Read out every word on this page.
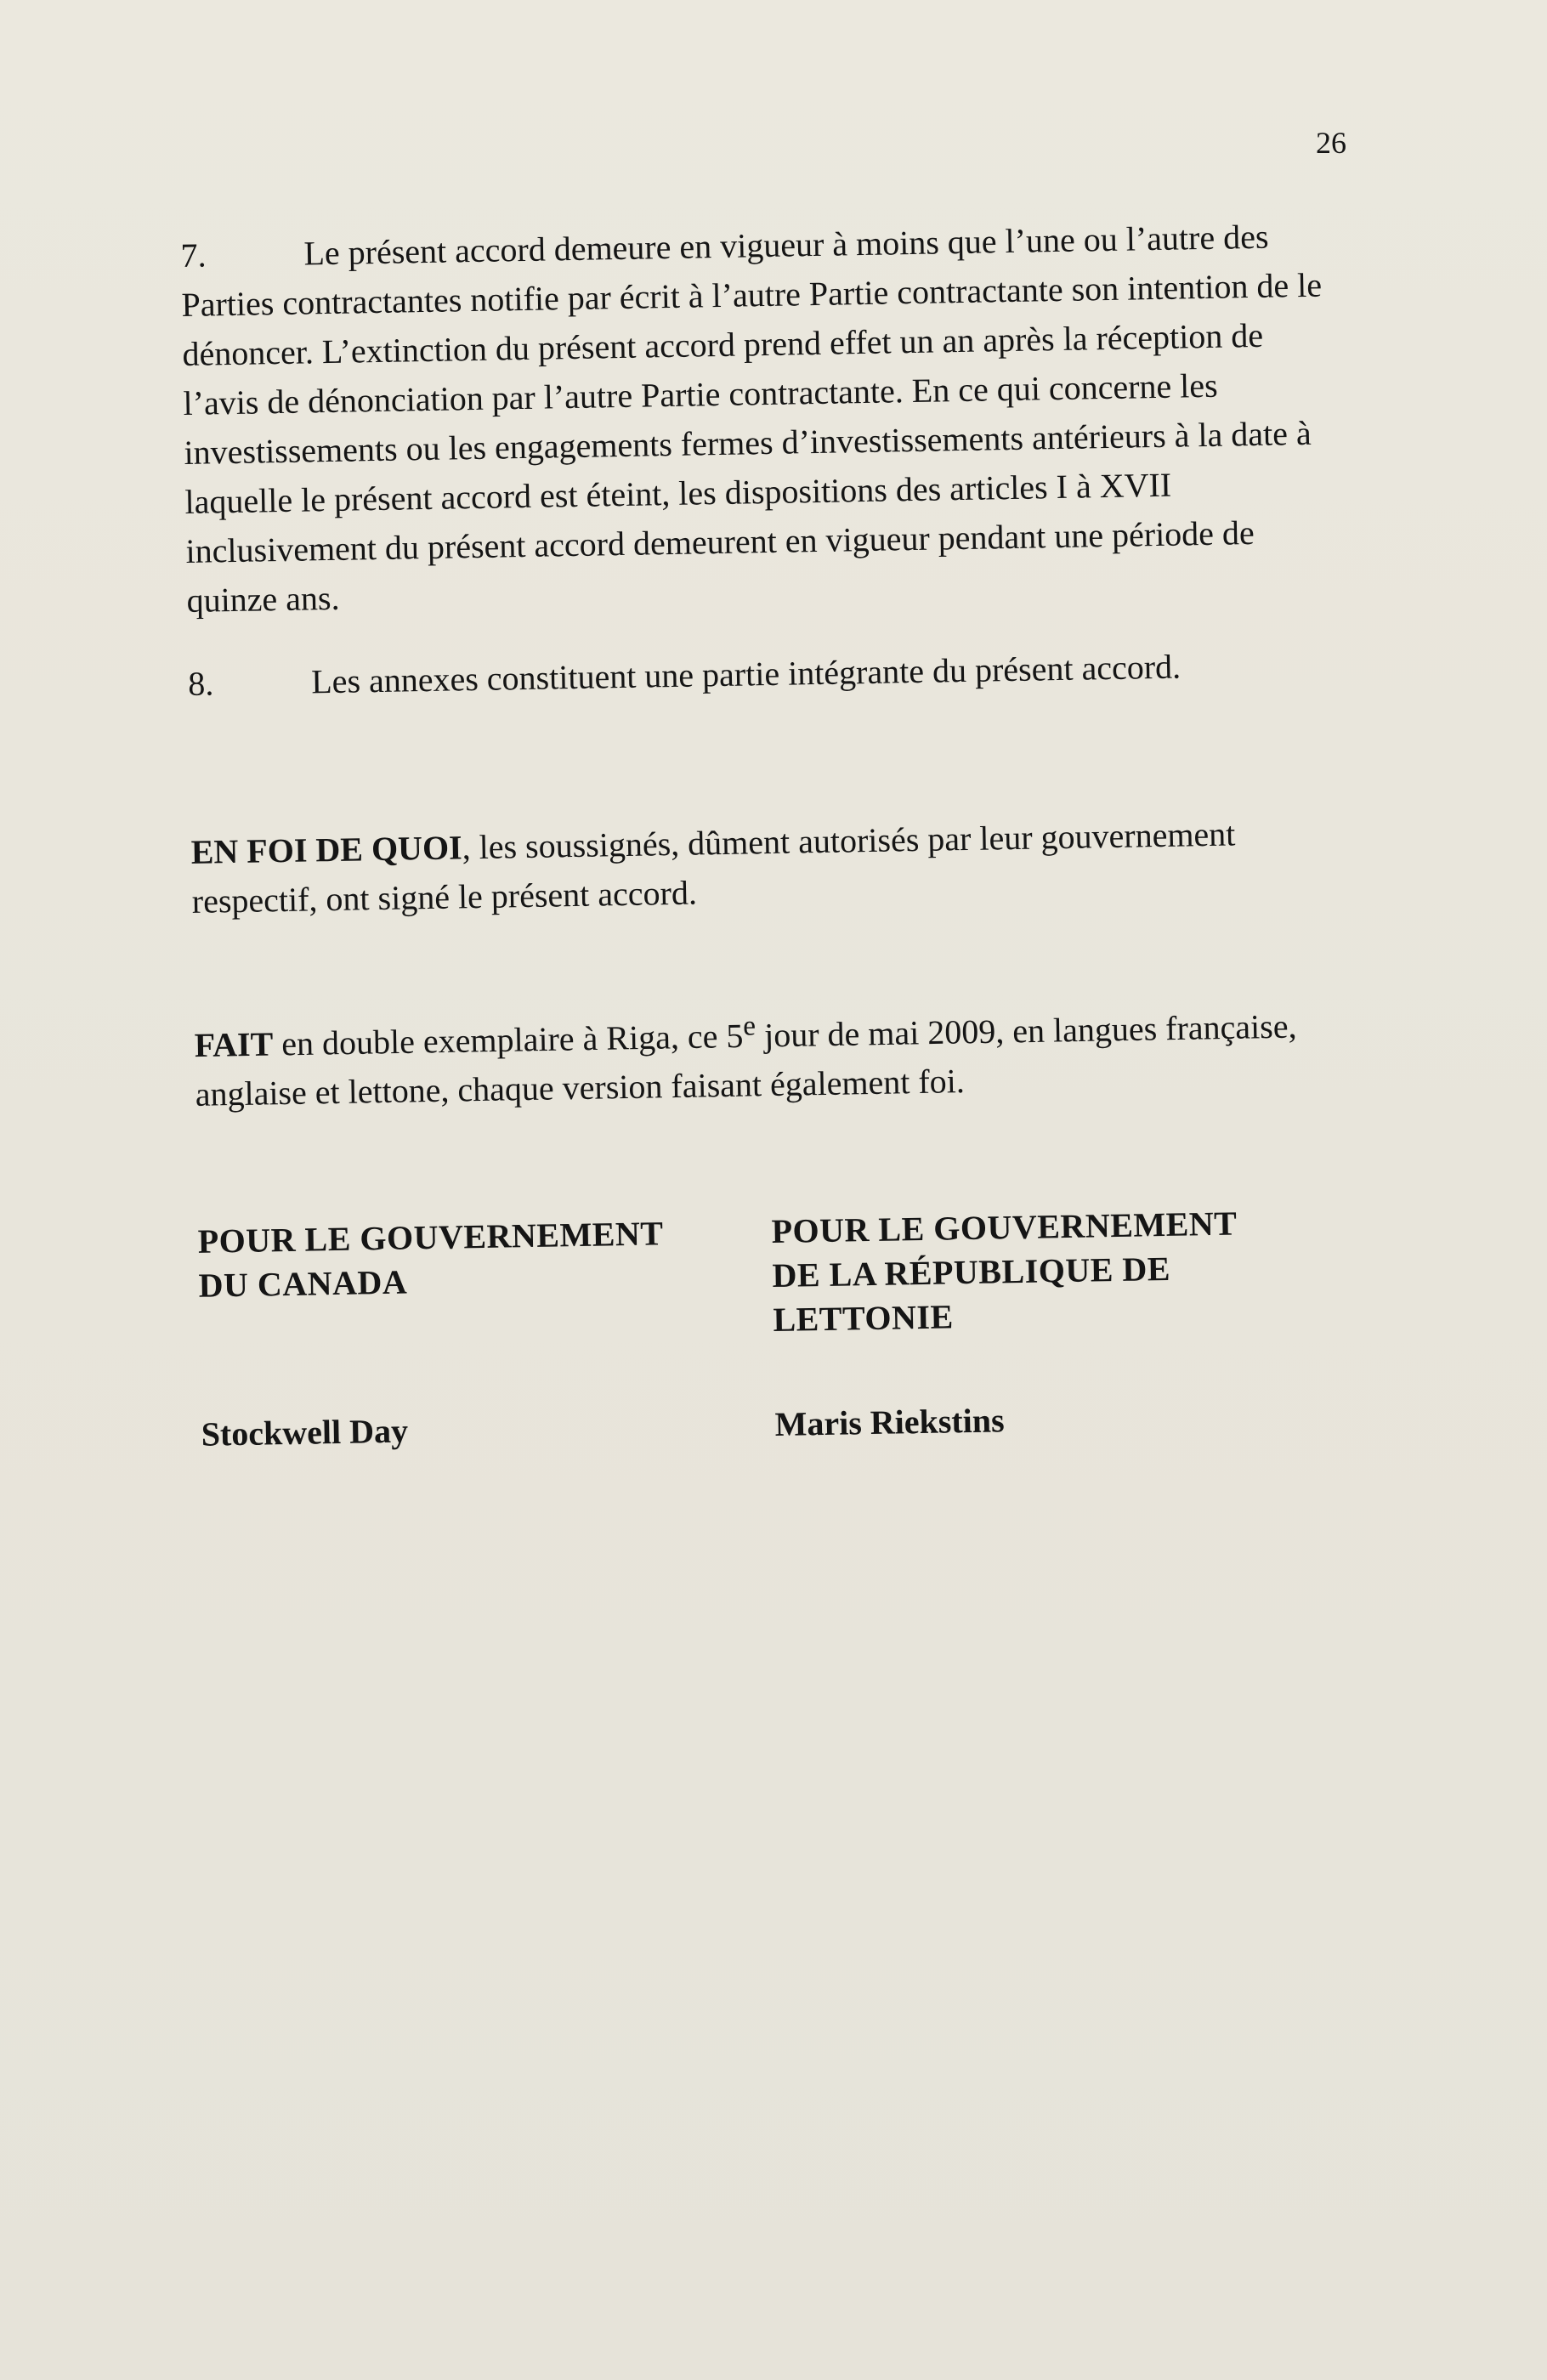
26

7.	Le présent accord demeure en vigueur à moins que l’une ou l’autre des Parties contractantes notifie par écrit à l’autre Partie contractante son intention de le dénoncer. L’extinction du présent accord prend effet un an après la réception de l’avis de dénonciation par l’autre Partie contractante. En ce qui concerne les investissements ou les engagements fermes d’investissements antérieurs à la date à laquelle le présent accord est éteint, les dispositions des articles I à XVII inclusivement du présent accord demeurent en vigueur pendant une période de quinze ans.

8.	Les annexes constituent une partie intégrante du présent accord.

EN FOI DE QUOI, les soussignés, dûment autorisés par leur gouvernement respectif, ont signé le présent accord.

FAIT en double exemplaire à Riga, ce 5e jour de mai 2009, en langues française, anglaise et lettone, chaque version faisant également foi.

POUR LE GOUVERNEMENT
DU CANADA
Stockwell Day
POUR LE GOUVERNEMENT
DE LA RÉPUBLIQUE DE
LETTONIE
Maris Riekstins
